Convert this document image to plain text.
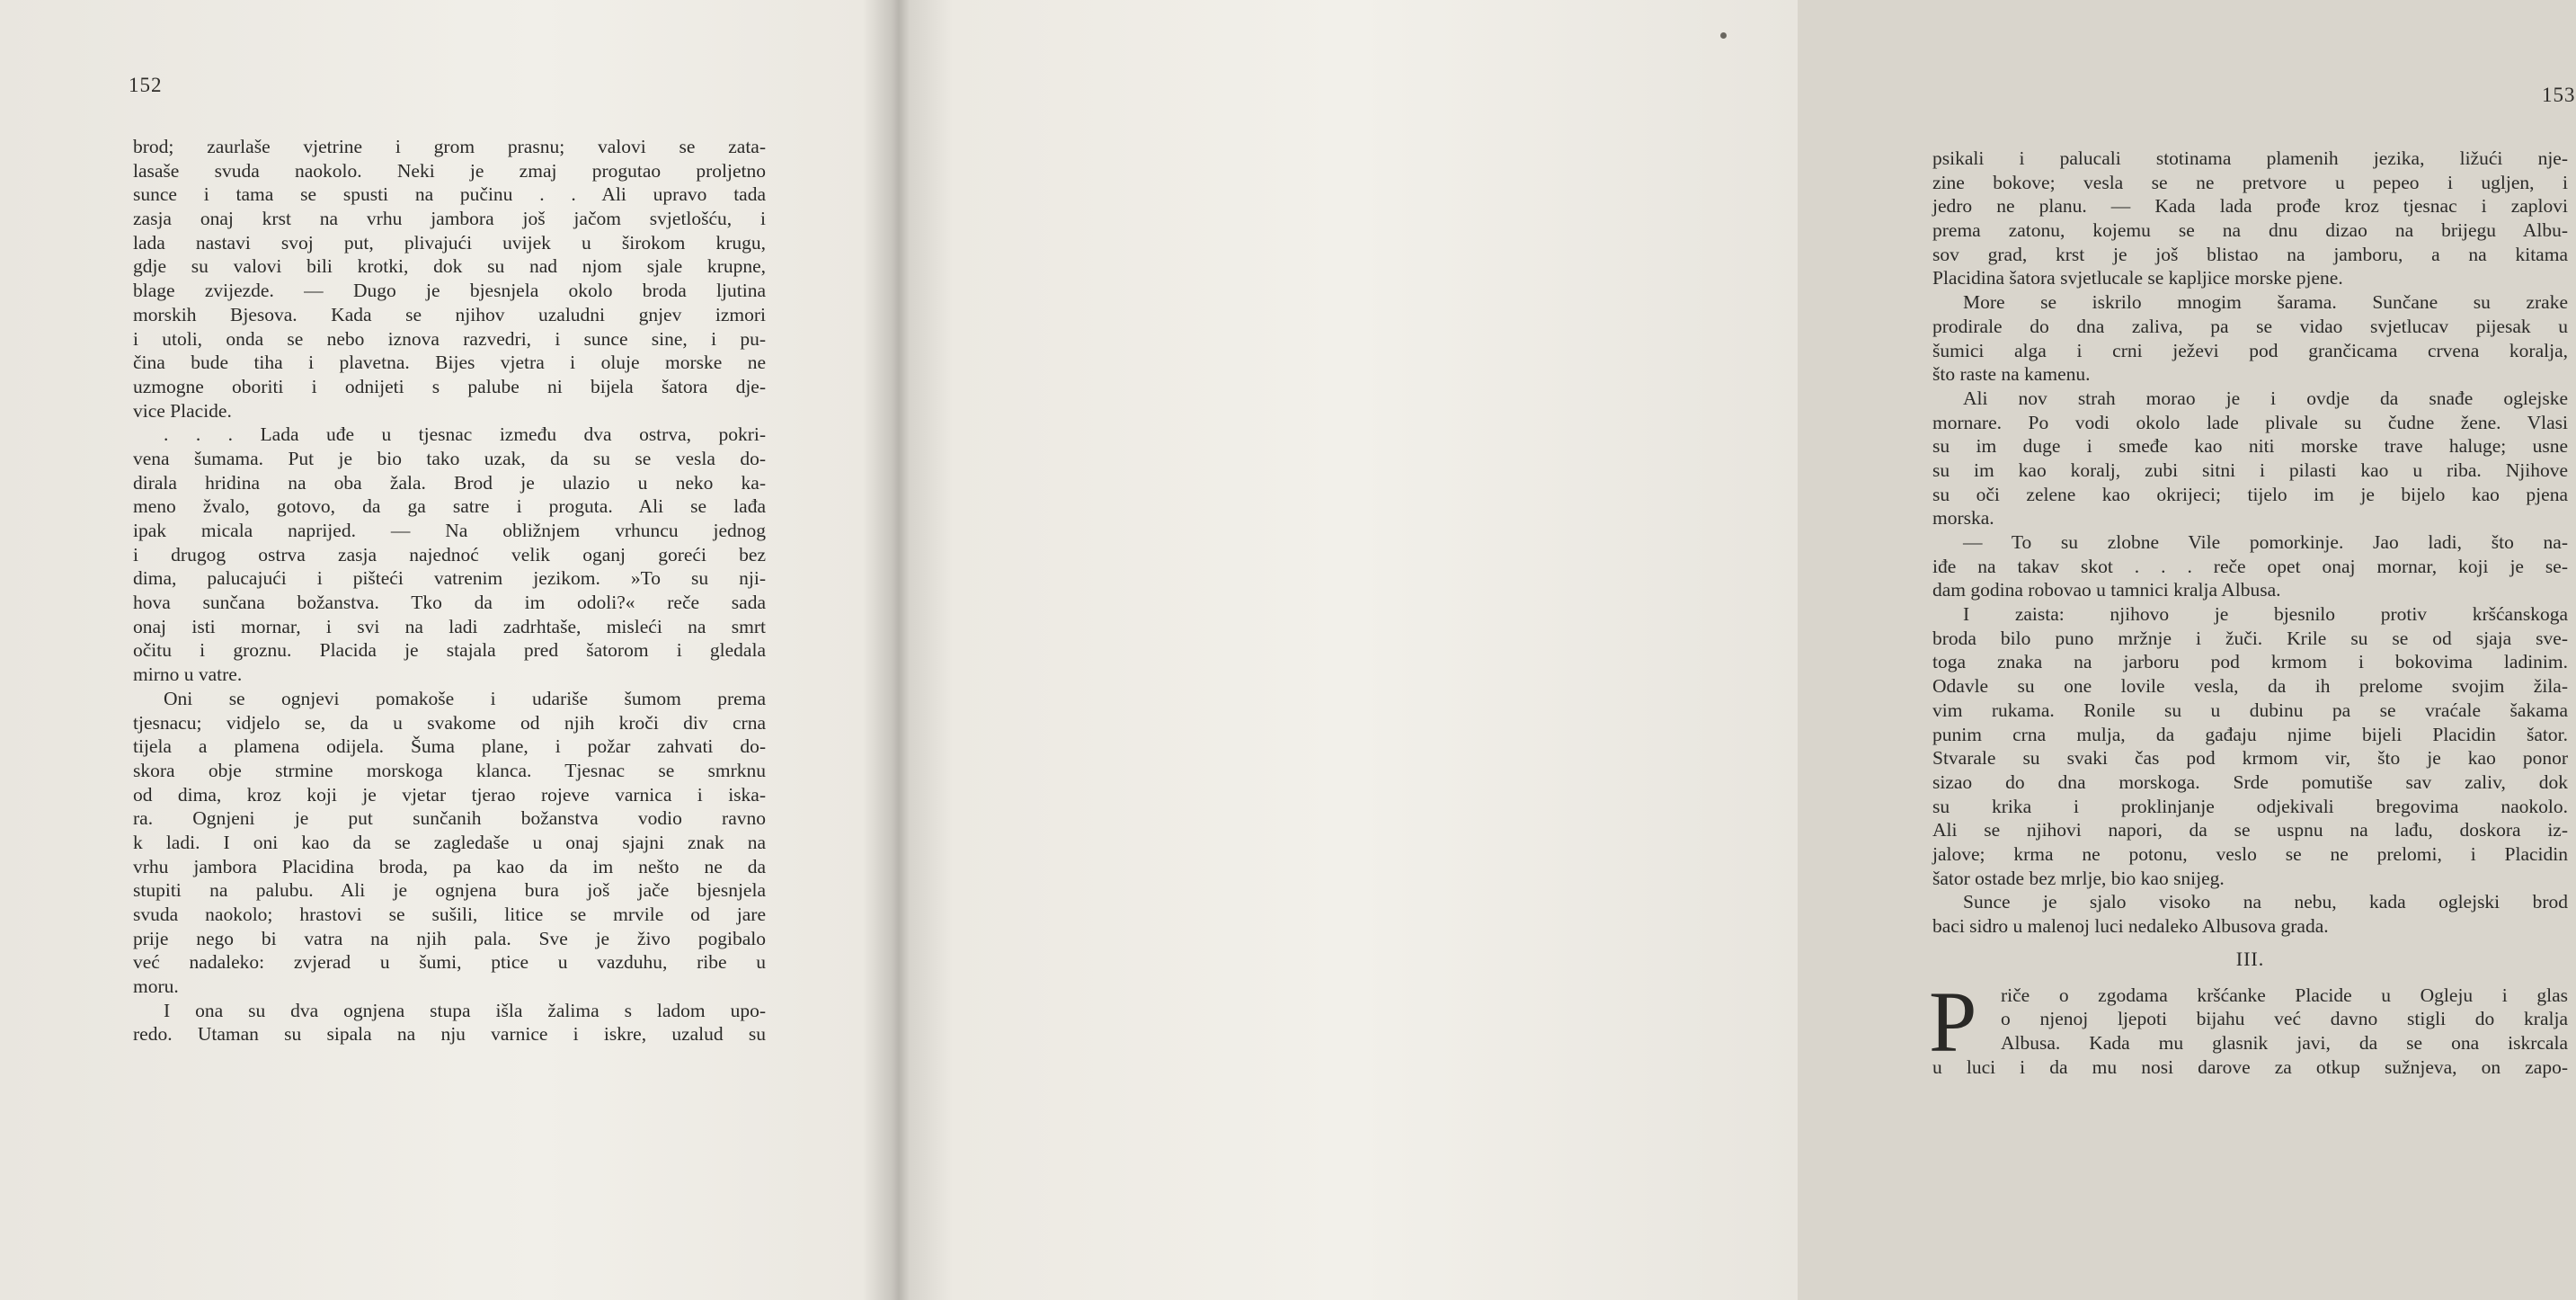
152
brod; zaurlaše vjetrine i grom prasnu; valovi se zata-
lasaše svuda naokolo. Neki je zmaj progutao proljetno
sunce i tama se spusti na pučinu . . Ali upravo tada
zasja onaj krst na vrhu jambora još jačom svjetlošću, i
lada nastavi svoj put, plivajući uvijek u širokom krugu,
gdje su valovi bili krotki, dok su nad njom sjale krupne,
blage zvijezde. — Dugo je bjesnjela okolo broda ljutina
morskih Bjesova. Kada se njihov uzaludni gnjev izmori
i utoli, onda se nebo iznova razvedri, i sunce sine, i pu-
čina bude tiha i plavetna. Bijes vjetra i oluje morske ne
uzmogne oboriti i odnijeti s palube ni bijela šatora dje-
vice Placide.
. . . Lada uđe u tjesnac između dva ostrva, pokri-
vena šumama. Put je bio tako uzak, da su se vesla do-
dirala hridina na oba žala. Brod je ulazio u neko ka-
meno žvalo, gotovo, da ga satre i proguta. Ali se lađa
ipak micala naprijed. — Na obližnjem vrhuncu jednog
i drugog ostrva zasja najednoć velik oganj goreći bez
dima, palucajući i pišteći vatrenim jezikom. »To su nji-
hova sunčana božanstva. Tko da im odoli?« reče sada
onaj isti mornar, i svi na ladi zadrhtaše, misleći na smrt
očitu i groznu. Placida je stajala pred šatorom i gledala
mirno u vatre.
Oni se ognjevi pomakoše i udariše šumom prema
tjesnacu; vidjelo se, da u svakome od njih kroči div crna
tijela a plamena odijela. Šuma plane, i požar zahvati do-
skora obje strmine morskoga klanca. Tjesnac se smrknu
od dima, kroz koji je vjetar tjerao rojeve varnica i iska-
ra. Ognjeni je put sunčanih božanstva vodio ravno
k ladi. I oni kao da se zagledaše u onaj sjajni znak na
vrhu jambora Placidina broda, pa kao da im nešto ne da
stupiti na palubu. Ali je ognjena bura još jače bjesnjela
svuda naokolo; hrastovi se sušili, litice se mrvile od jare
prije nego bi vatra na njih pala. Sve je živo pogibalo
već nadaleko: zvjerad u šumi, ptice u vazduhu, ribe u
moru.
I ona su dva ognjena stupa išla žalima s ladom upo-
redo. Utaman su sipala na nju varnice i iskre, uzalud su
153
psikali i palucali stotinama plamenih jezika, ližući nje-
zine bokove; vesla se ne pretvore u pepeo i ugljen, i
jedro ne planu. — Kada lada prođe kroz tjesnac i zaplovi
prema zatonu, kojemu se na dnu dizao na brijegu Albu-
sov grad, krst je još blistao na jamboru, a na kitama
Placidina šatora svjetlucale se kapljice morske pjene.
More se iskrilo mnogim šarama. Sunčane su zrake
prodirale do dna zaliva, pa se vidao svjetlucav pijesak u
šumici alga i crni ježevi pod grančicama crvena koralja,
što raste na kamenu.
Ali nov strah morao je i ovdje da snađe oglejske
mornare. Po vodi okolo lade plivale su čudne žene. Vlasi
su im duge i smeđe kao niti morske trave haluge; usne
su im kao koralj, zubi sitni i pilasti kao u riba. Njihove
su oči zelene kao okrijeci; tijelo im je bijelo kao pjena
morska.
— To su zlobne Vile pomorkinje. Jao ladi, što na-
iđe na takav skot . . . reče opet onaj mornar, koji je se-
dam godina robovao u tamnici kralja Albusa.
I zaista: njihovo je bjesnilo protiv kršćanskoga
broda bilo puno mržnje i žuči. Krile su se od sjaja sve-
toga znaka na jarboru pod krmom i bokovima ladinim.
Odavle su one lovile vesla, da ih prelome svojim žila-
vim rukama. Ronile su u dubinu pa se vraćale šakama
punim crna mulja, da gađaju njime bijeli Placidin šator.
Stvarale su svaki čas pod krmom vir, što je kao ponor
sizao do dna morskoga. Srde pomutiše sav zaliv, dok
su krika i proklinjanje odjekivali bregovima naokolo.
Ali se njihovi napori, da se uspnu na lađu, doskora iz-
jalove; krma ne potonu, veslo se ne prelomi, i Placidin
šator ostade bez mrlje, bio kao snijeg.
Sunce je sjalo visoko na nebu, kada oglejski brod
baci sidro u malenoj luci nedaleko Albusova grada.
III.
P	riče o zgodama kršćanke Placide u Ogleju i glas
o njenoj ljepoti bijahu već davno stigli do kralja
Albusa. Kada mu glasnik javi, da se ona iskrcala
u luci i da mu nosi darove za otkup sužnjeva, on zapo-
